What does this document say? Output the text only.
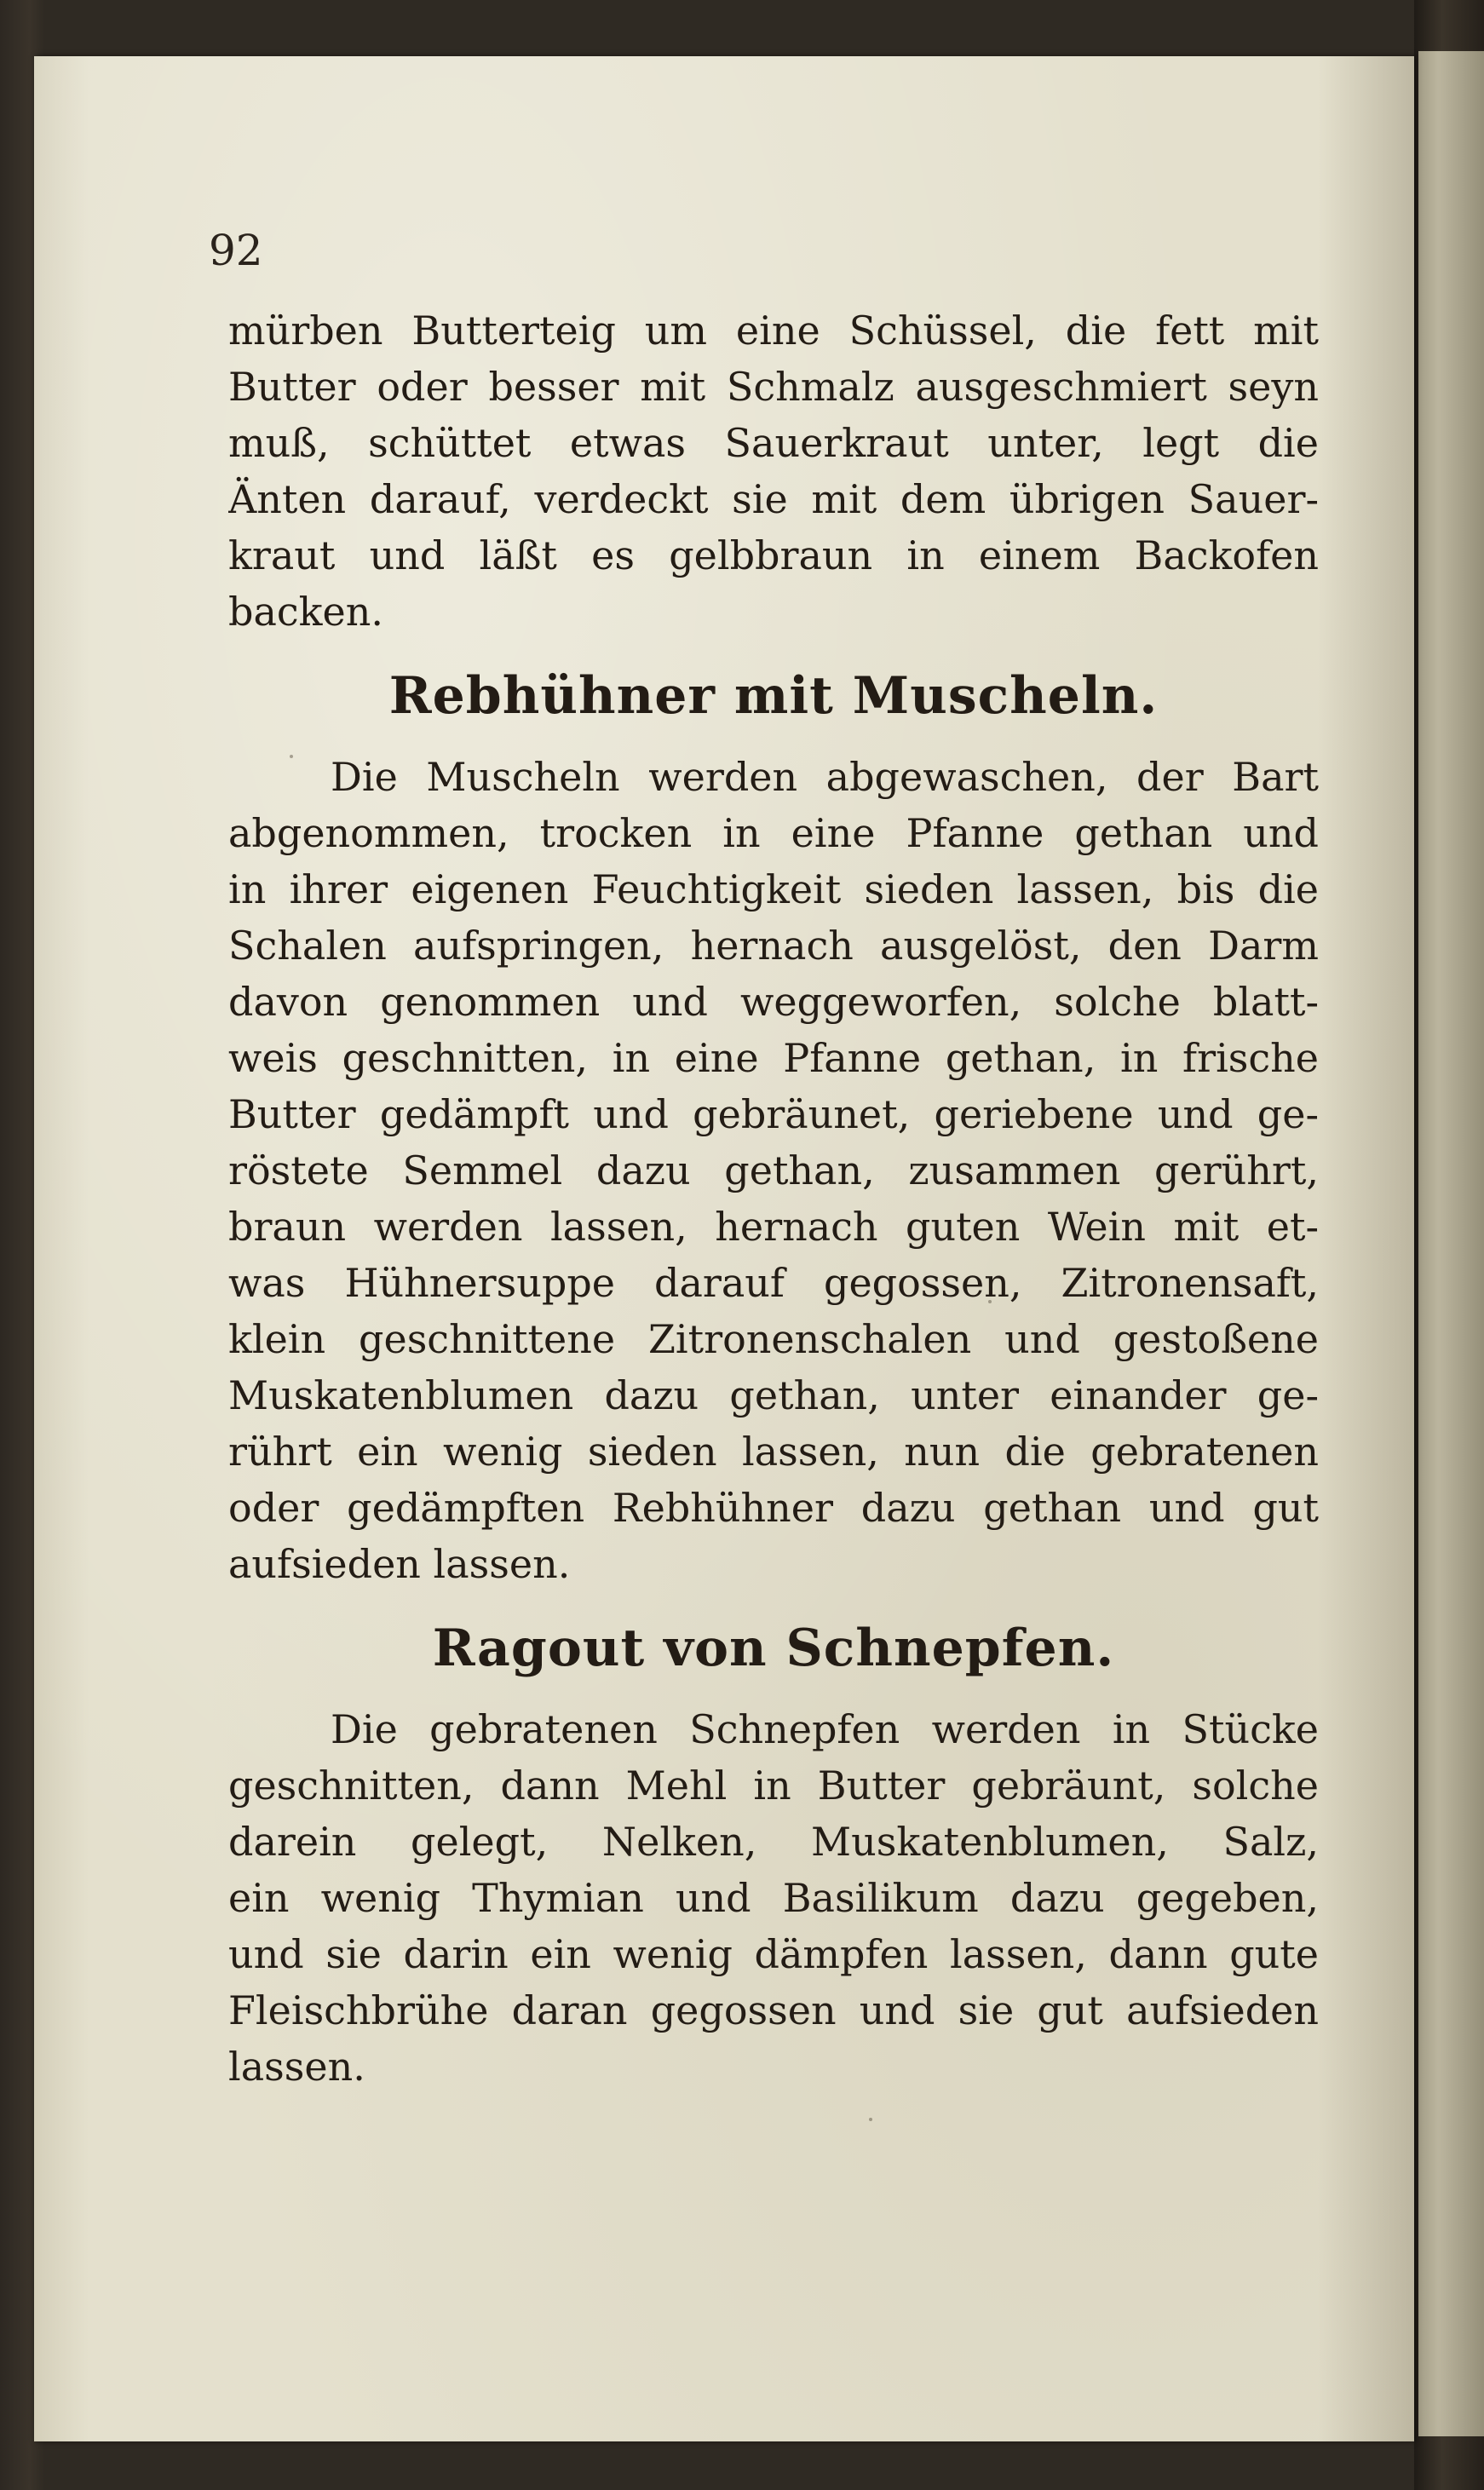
92

mürben Butterteig um eine Schüssel, die fett mit
Butter oder besser mit Schmalz ausgeschmiert seyn
muß, schüttet etwas Sauerkraut unter, legt die
Änten darauf, verdeckt sie mit dem übrigen Sauer-
kraut und läßt es gelbbraun in einem Backofen
backen.
Rebhühner mit Muscheln.
Die Muscheln werden abgewaschen, der Bart
abgenommen, trocken in eine Pfanne gethan und
in ihrer eigenen Feuchtigkeit sieden lassen, bis die
Schalen aufspringen, hernach ausgelöst, den Darm
davon genommen und weggeworfen, solche blatt-
weis geschnitten, in eine Pfanne gethan, in frische
Butter gedämpft und gebräunet, geriebene und ge-
röstete Semmel dazu gethan, zusammen gerührt,
braun werden lassen, hernach guten Wein mit et-
was Hühnersuppe darauf gegossen, Zitronensaft,
klein geschnittene Zitronenschalen und gestoßene
Muskatenblumen dazu gethan, unter einander ge-
rührt ein wenig sieden lassen, nun die gebratenen
oder gedämpften Rebhühner dazu gethan und gut
aufsieden lassen.
Ragout von Schnepfen.
Die gebratenen Schnepfen werden in Stücke
geschnitten, dann Mehl in Butter gebräunt, solche
darein gelegt, Nelken, Muskatenblumen, Salz,
ein wenig Thymian und Basilikum dazu gegeben,
und sie darin ein wenig dämpfen lassen, dann gute
Fleischbrühe daran gegossen und sie gut aufsieden
lassen.
